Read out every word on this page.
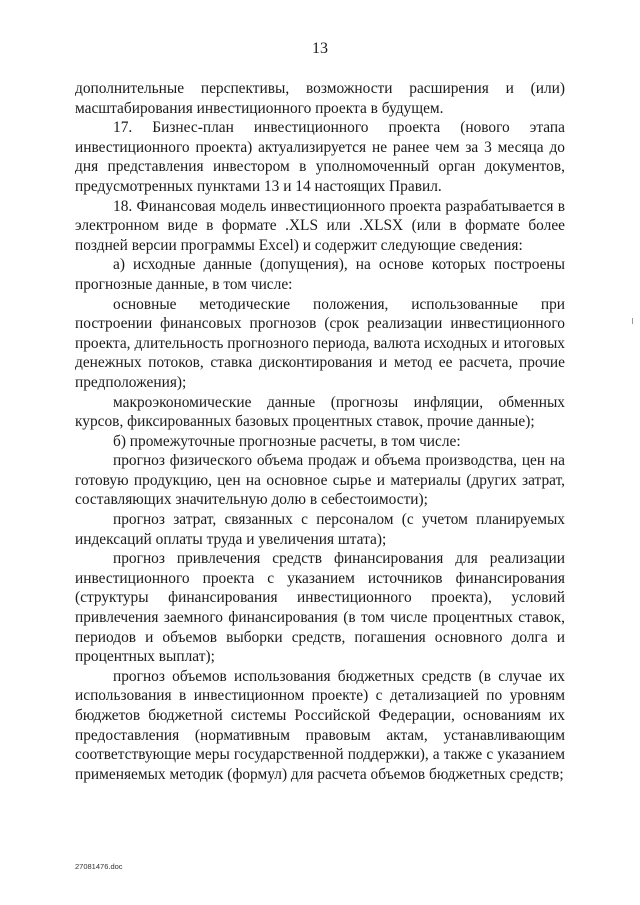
13

дополнительные перспективы, возможности расширения и (или) масштабирования инвестиционного проекта в будущем.

17. Бизнес-план инвестиционного проекта (нового этапа инвестиционного проекта) актуализируется не ранее чем за 3 месяца до дня представления инвестором в уполномоченный орган документов, предусмотренных пунктами 13 и 14 настоящих Правил.

18. Финансовая модель инвестиционного проекта разрабатывается в электронном виде в формате .XLS или .XLSX (или в формате более поздней версии программы Excel) и содержит следующие сведения:

а) исходные данные (допущения), на основе которых построены прогнозные данные, в том числе:

основные методические положения, использованные при построении финансовых прогнозов (срок реализации инвестиционного проекта, длительность прогнозного периода, валюта исходных и итоговых денежных потоков, ставка дисконтирования и метод ее расчета, прочие предположения);

макроэкономические данные (прогнозы инфляции, обменных курсов, фиксированных базовых процентных ставок, прочие данные);

б) промежуточные прогнозные расчеты, в том числе:

прогноз физического объема продаж и объема производства, цен на готовую продукцию, цен на основное сырье и материалы (других затрат, составляющих значительную долю в себестоимости);

прогноз затрат, связанных с персоналом (с учетом планируемых индексаций оплаты труда и увеличения штата);

прогноз привлечения средств финансирования для реализации инвестиционного проекта с указанием источников финансирования (структуры финансирования инвестиционного проекта), условий привлечения заемного финансирования (в том числе процентных ставок, периодов и объемов выборки средств, погашения основного долга и процентных выплат);

прогноз объемов использования бюджетных средств (в случае их использования в инвестиционном проекте) с детализацией по уровням бюджетов бюджетной системы Российской Федерации, основаниям их предоставления (нормативным правовым актам, устанавливающим соответствующие меры государственной поддержки), а также с указанием применяемых методик (формул) для расчета объемов бюджетных средств;

27081476.doc
